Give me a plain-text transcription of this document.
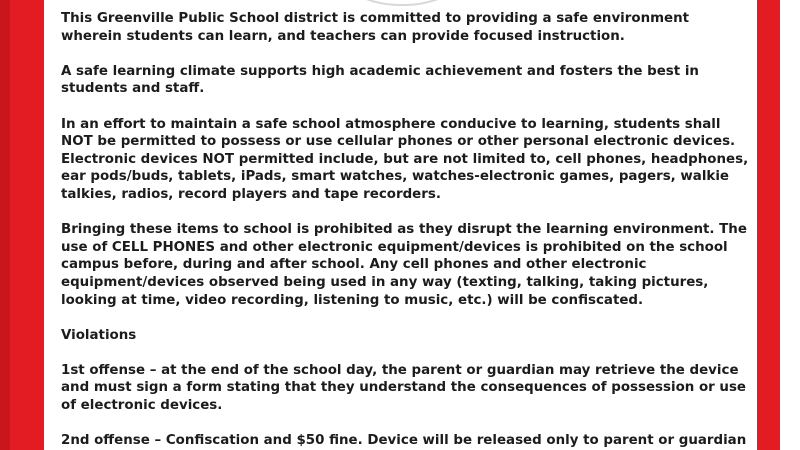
This Greenville Public School district is committed to providing a safe environment wherein students can learn, and teachers can provide focused instruction.

A safe learning climate supports high academic achievement and fosters the best in students and staff.

In an effort to maintain a safe school atmosphere conducive to learning, students shall NOT be permitted to possess or use cellular phones or other personal electronic devices. Electronic devices NOT permitted include, but are not limited to, cell phones, headphones, ear pods/buds, tablets, iPads, smart watches, watches-electronic games, pagers, walkie talkies, radios, record players and tape recorders.

Bringing these items to school is prohibited as they disrupt the learning environment. The use of CELL PHONES and other electronic equipment/devices is prohibited on the school campus before, during and after school. Any cell phones and other electronic equipment/devices observed being used in any way (texting, talking, taking pictures, looking at time, video recording, listening to music, etc.) will be confiscated.

Violations

1st offense – at the end of the school day, the parent or guardian may retrieve the device and must sign a form stating that they understand the consequences of possession or use of electronic devices.

2nd offense – Confiscation and $50 fine. Device will be released only to parent or guardian
